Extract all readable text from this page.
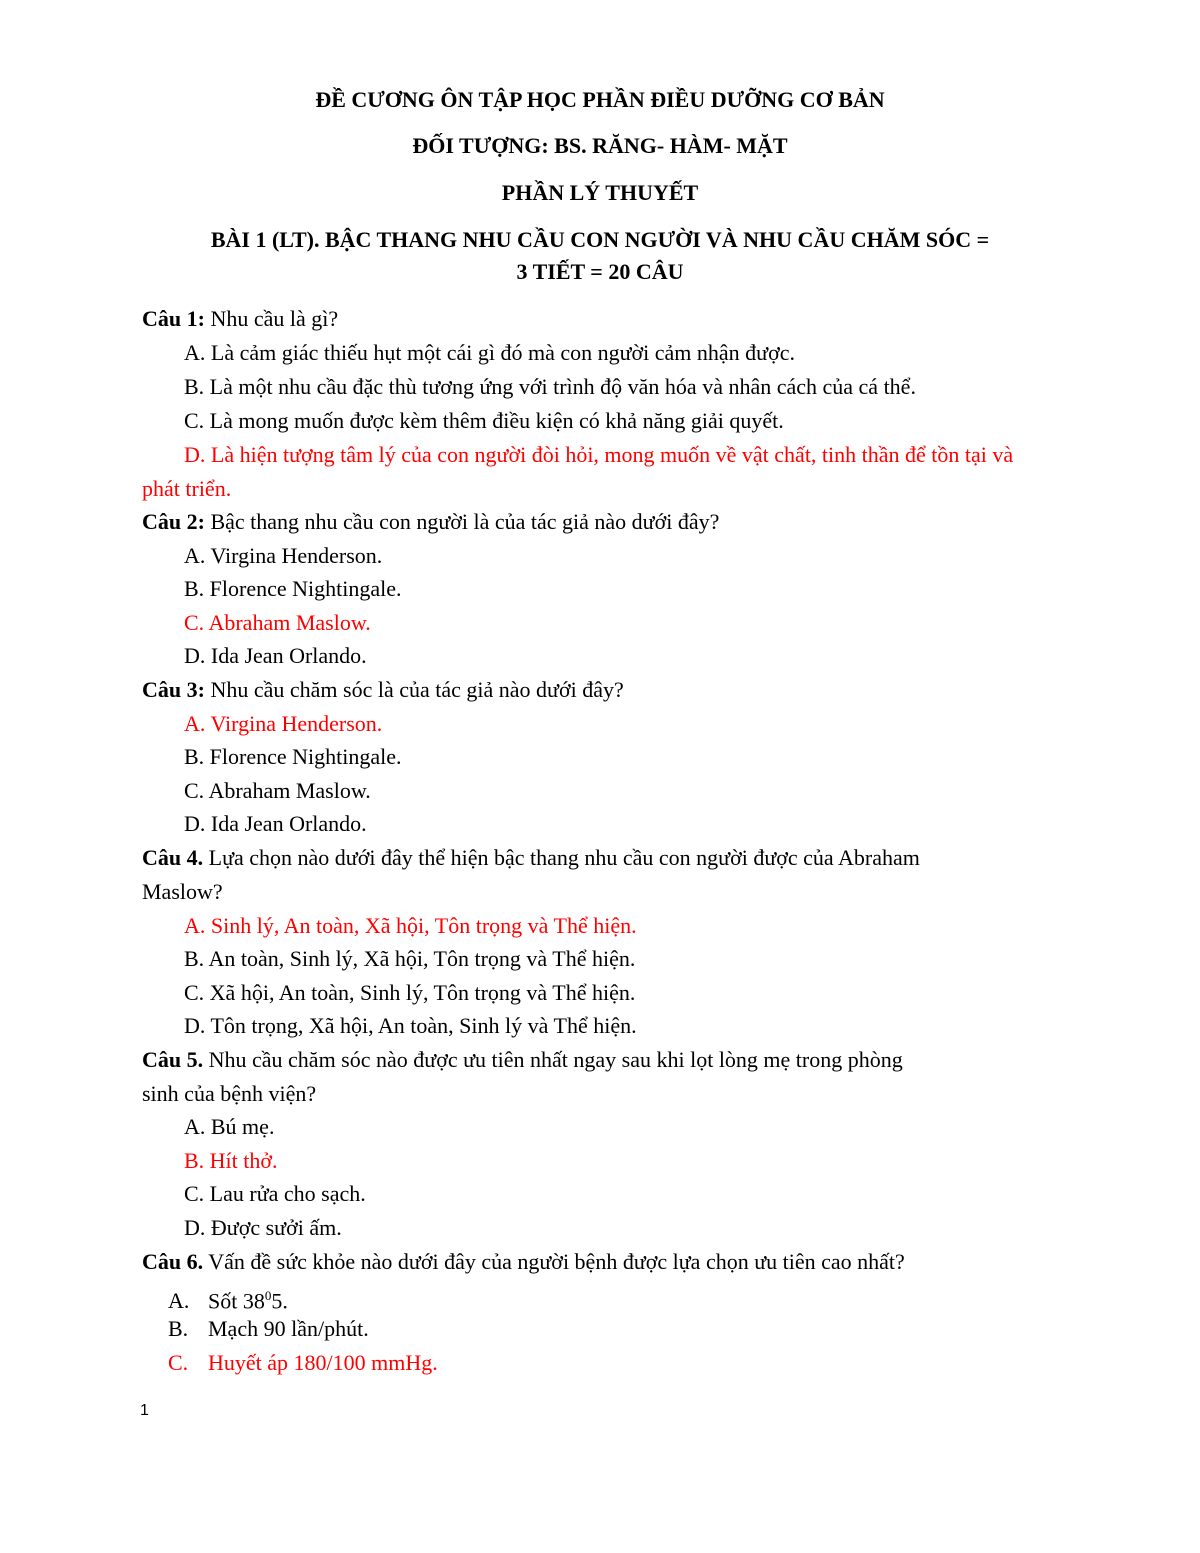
ĐỀ CƯƠNG ÔN TẬP HỌC PHẦN ĐIỀU DƯỠNG CƠ BẢN
ĐỐI TƯỢNG: BS. RĂNG- HÀM- MẶT
PHẦN LÝ THUYẾT
BÀI 1 (LT). BẬC THANG NHU CẦU CON NGƯỜI VÀ NHU CẦU CHĂM SÓC =
3 TIẾT = 20 CÂU
Câu 1: Nhu cầu là gì?
A. Là cảm giác thiếu hụt một cái gì đó mà con người cảm nhận được.
B. Là một nhu cầu đặc thù tương ứng với trình độ văn hóa và nhân cách của cá thể.
C. Là mong muốn được kèm thêm điều kiện có khả năng giải quyết.
D. Là hiện tượng tâm lý của con người đòi hỏi, mong muốn về vật chất, tinh thần để tồn tại và phát triển.
Câu 2: Bậc thang nhu cầu con người là của tác giả nào dưới đây?
A. Virgina Henderson.
B. Florence Nightingale.
C. Abraham Maslow.
D. Ida Jean Orlando.
Câu 3: Nhu cầu chăm sóc là của tác giả nào dưới đây?
A. Virgina Henderson.
B. Florence Nightingale.
C. Abraham Maslow.
D. Ida Jean Orlando.
Câu 4. Lựa chọn nào dưới đây thể hiện bậc thang nhu cầu con người được của Abraham
Maslow?
A. Sinh lý, An toàn, Xã hội, Tôn trọng và Thể hiện.
B. An toàn, Sinh lý, Xã hội, Tôn trọng và Thể hiện.
C. Xã hội, An toàn, Sinh lý, Tôn trọng và Thể hiện.
D. Tôn trọng, Xã hội, An toàn, Sinh lý và Thể hiện.
Câu 5. Nhu cầu chăm sóc nào được ưu tiên nhất ngay sau khi lọt lòng mẹ trong phòng
sinh của bệnh viện?
A. Bú mẹ.
B. Hít thở.
C. Lau rửa cho sạch.
D. Được sưởi ấm.
Câu 6. Vấn đề sức khỏe nào dưới đây của người bệnh được lựa chọn ưu tiên cao nhất?
A. Sốt $38^05$.
B. Mạch 90 lần/phút.
C. Huyết áp 180/100 mmHg.
1
